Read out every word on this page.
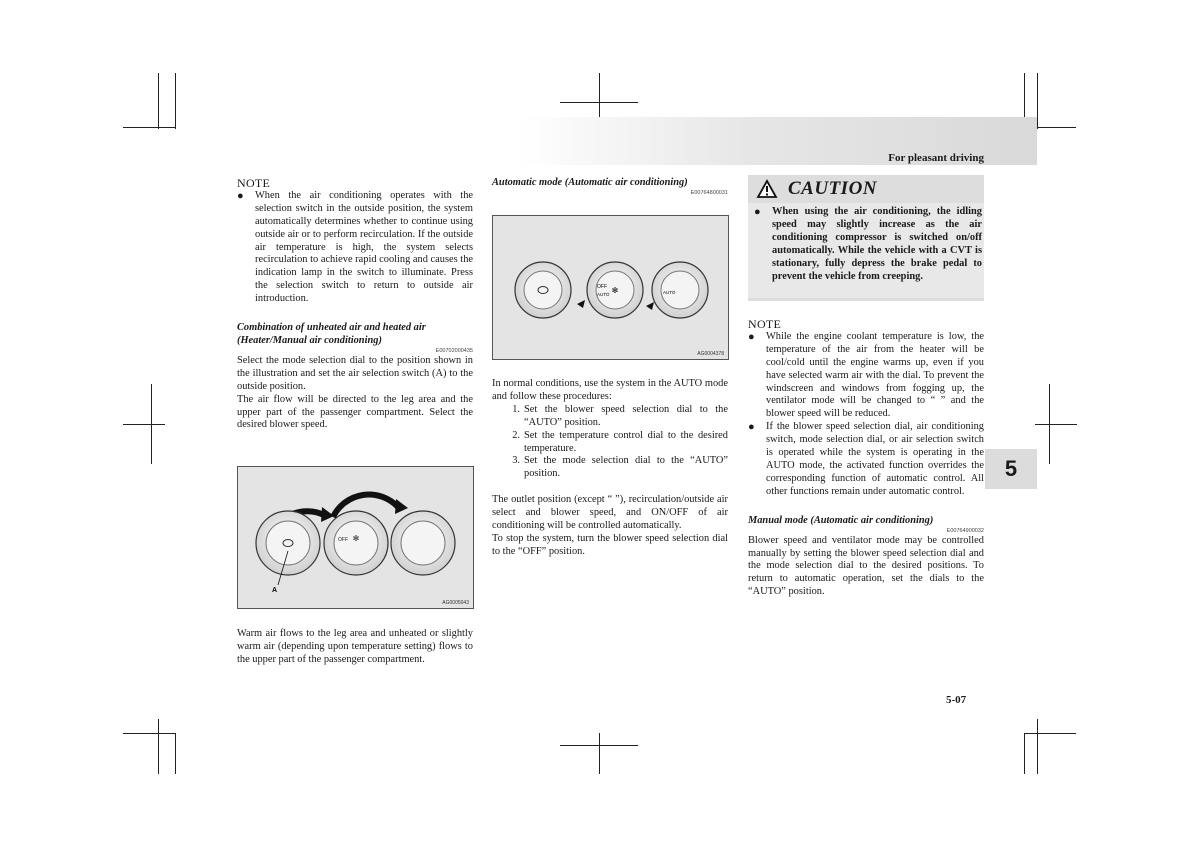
For pleasant driving
5
5-07
NOTE
●	When the air conditioning operates with the selection switch in the outside position, the system automatically determines whether to continue using outside air or to perform recirculation. If the outside air temperature is high, the system selects recirculation to achieve rapid cooling and causes the indication lamp in the switch to illuminate. Press the selection switch to return to outside air introduction.
Combination of unheated air and heated air (Heater/Manual air conditioning)
E00702000435
Select the mode selection dial to the position shown in the illustration and set the air selection switch (A) to the outside position.
The air flow will be directed to the leg area and the upper part of the passenger compartment. Select the desired blower speed.
OFF ✻
A
AG0005043
Warm air flows to the leg area and unheated or slightly warm air (depending upon temperature setting) flows to the upper part of the passenger compartment.
Automatic mode (Automatic air conditioning)
E00764800031
OFF
AUTO ✻	AUTO
AG0004378
In normal conditions, use the system in the AUTO mode and follow these procedures:
1. Set the blower speed selection dial to the “AUTO” position.
2. Set the temperature control dial to the desired temperature.
3. Set the mode selection dial to the “AUTO” position.
The outlet position (except “ ”), recirculation/outside air select and blower speed, and ON/OFF of air conditioning will be controlled automatically.
To stop the system, turn the blower speed selection dial to the “OFF” position.
CAUTION
●	When using the air conditioning, the idling speed may slightly increase as the air conditioning compressor is switched on/off automatically. While the vehicle with a CVT is stationary, fully depress the brake pedal to prevent the vehicle from creeping.
NOTE
●	While the engine coolant temperature is low, the temperature of the air from the heater will be cool/cold until the engine warms up, even if you have selected warm air with the dial. To prevent the windscreen and windows from fogging up, the ventilator mode will be changed to “ ” and the blower speed will be reduced.
●	If the blower speed selection dial, air conditioning switch, mode selection dial, or air selection switch is operated while the system is operating in the AUTO mode, the activated function overrides the corresponding function of automatic control. All other functions remain under automatic control.
Manual mode (Automatic air conditioning)
E00764900032
Blower speed and ventilator mode may be controlled manually by setting the blower speed selection dial and the mode selection dial to the desired positions. To return to automatic operation, set the dials to the “AUTO” position.
